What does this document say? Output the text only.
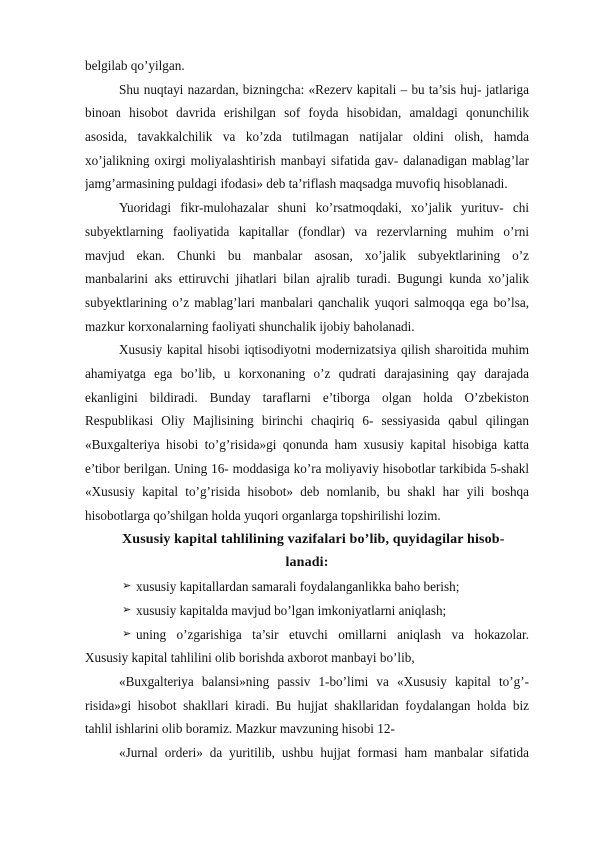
belgilab qo’yilgan.
Shu nuqtayi nazardan, bizningcha: «Rezerv kapitali – bu ta’sis huj- jatlariga
binoan hisobot davrida erishilgan sof foyda hisobidan, amaldagi qonunchilik
asosida, tavakkalchilik va ko’zda tutilmagan natijalar oldini olish, hamda
xo’jalikning oxirgi moliyalashtirish manbayi sifatida gav- dalanadigan mablag’lar
jamg’armasining puldagi ifodasi» deb ta’riflash maqsadga muvofiq hisoblanadi.
Yuoridagi fikr-mulohazalar shuni ko’rsatmoqdaki, xo’jalik yurituv- chi
subyektlarning faoliyatida kapitallar (fondlar) va rezervlarning muhim o’rni
mavjud ekan. Chunki bu manbalar asosan, xo’jalik subyektlarining o’z
manbalarini aks ettiruvchi jihatlari bilan ajralib turadi. Bugungi kunda xo’jalik
subyektlarining o’z mablag’lari manbalari qanchalik yuqori salmoqqa ega bo’lsa,
mazkur korxonalarning faoliyati shunchalik ijobiy baholanadi.
Xususiy kapital hisobi iqtisodiyotni modernizatsiya qilish sharoitida muhim
ahamiyatga ega bo’lib, u korxonaning o’z qudrati darajasining qay darajada
ekanligini bildiradi. Bunday taraflarni e’tiborga olgan holda O’zbekiston
Respublikasi Oliy Majlisining birinchi chaqiriq 6- sessiyasida qabul qilingan
«Buxgalteriya hisobi to’g’risida»gi qonunda ham xususiy kapital hisobiga katta
e’tibor berilgan. Uning 16- moddasiga ko’ra moliyaviy hisobotlar tarkibida 5-shakl
«Xususiy kapital to’g’risida hisobot» deb nomlanib, bu shakl har yili boshqa
hisobotlarga qo’shilgan holda yuqori organlarga topshirilishi lozim.
Xususiy kapital tahlilining vazifalari bo’lib, quyidagilar hisob-
lanadi:
➢ xususiy kapitallardan samarali foydalanganlikka baho berish;
➢ xususiy kapitalda mavjud bo’lgan imkoniyatlarni aniqlash;
➢ uning o’zgarishiga ta’sir etuvchi omillarni aniqlash va hokazolar.
Xususiy kapital tahlilini olib borishda axborot manbayi bo’lib,
«Buxgalteriya balansi»ning passiv 1-bo’limi va «Xususiy kapital to’g’-
risida»gi hisobot shakllari kiradi. Bu hujjat shakllaridan foydalangan holda biz
tahlil ishlarini olib boramiz. Mazkur mavzuning hisobi 12-
«Jurnal orderi» da yuritilib, ushbu hujjat formasi ham manbalar sifatida
